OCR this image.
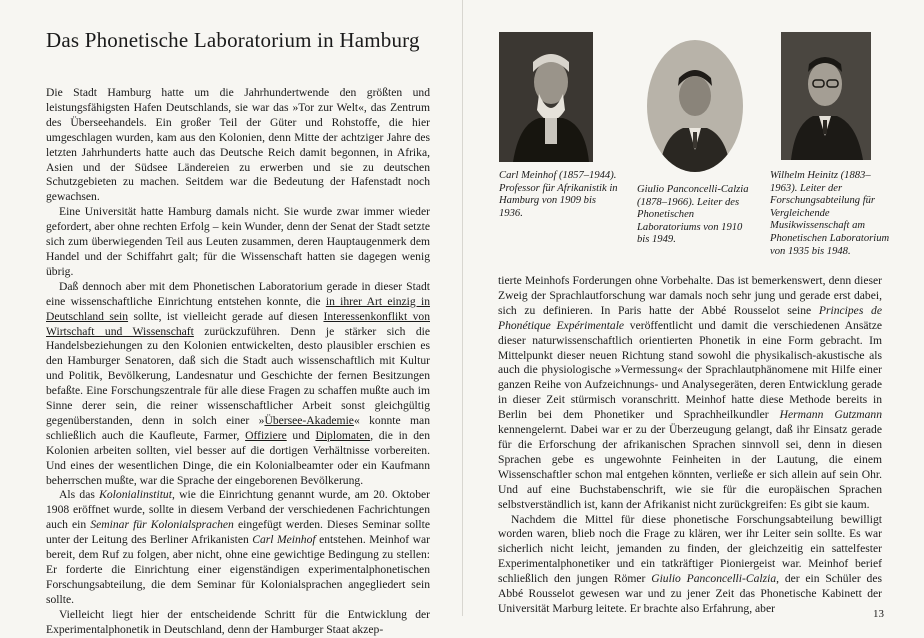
Das Phonetische Laboratorium in Hamburg

Die Stadt Hamburg hatte um die Jahrhundertwende den größten und leistungsfähigsten Hafen Deutschlands, sie war das »Tor zur Welt«, das Zentrum des Überseehandels. Ein großer Teil der Güter und Rohstoffe, die hier umgeschlagen wurden, kam aus den Kolonien, denn Mitte der achtziger Jahre des letzten Jahrhunderts hatte auch das Deutsche Reich damit begonnen, in Afrika, Asien und der Südsee Ländereien zu erwerben und sie zu deutschen Schutzgebieten zu machen. Seitdem war die Bedeutung der Hafenstadt noch gewachsen.

Eine Universität hatte Hamburg damals nicht. Sie wurde zwar immer wieder gefordert, aber ohne rechten Erfolg – kein Wunder, denn der Senat der Stadt setzte sich zum überwiegenden Teil aus Leuten zusammen, deren Hauptaugenmerk dem Handel und der Schiffahrt galt; für die Wissenschaft hatten sie dagegen wenig übrig.

Daß dennoch aber mit dem Phonetischen Laboratorium gerade in dieser Stadt eine wissenschaftliche Einrichtung entstehen konnte, die in ihrer Art einzig in Deutschland sein sollte, ist vielleicht gerade auf diesen Interessenkonflikt von Wirtschaft und Wissenschaft zurückzuführen. Denn je stärker sich die Handelsbeziehungen zu den Kolonien entwickelten, desto plausibler erschien es den Hamburger Senatoren, daß sich die Stadt auch wissenschaftlich mit Kultur und Politik, Bevölkerung, Landesnatur und Geschichte der fernen Besitzungen befaßte. Eine Forschungszentrale für alle diese Fragen zu schaffen mußte auch im Sinne derer sein, die reiner wissenschaftlicher Arbeit sonst gleichgültig gegenüberstanden, denn in solch einer »Übersee-Akademie« konnte man schließlich auch die Kaufleute, Farmer, Offiziere und Diplomaten, die in den Kolonien arbeiten sollten, viel besser auf die dortigen Verhältnisse vorbereiten. Und eines der wesentlichen Dinge, die ein Kolonialbeamter oder ein Kaufmann beherrschen mußte, war die Sprache der eingeborenen Bevölkerung.

Als das Kolonialinstitut, wie die Einrichtung genannt wurde, am 20. Oktober 1908 eröffnet wurde, sollte in diesem Verband der verschiedenen Fachrichtungen auch ein Seminar für Kolonialsprachen eingefügt werden. Dieses Seminar sollte unter der Leitung des Berliner Afrikanisten Carl Meinhof entstehen. Meinhof war bereit, dem Ruf zu folgen, aber nicht, ohne eine gewichtige Bedingung zu stellen: Er forderte die Einrichtung einer eigenständigen experimentalphonetischen Forschungsabteilung, die dem Seminar für Kolonialsprachen angegliedert sein sollte.

Vielleicht liegt hier der entscheidende Schritt für die Entwicklung der Experimentalphonetik in Deutschland, denn der Hamburger Staat akzep-

Carl Meinhof (1857–1944). Professor für Afrikanistik in Hamburg von 1909 bis 1936.
Giulio Panconcelli-Calzia (1878–1966). Leiter des Phonetischen Laboratoriums von 1910 bis 1949.
Wilhelm Heinitz (1883–1963). Leiter der Forschungsabteilung für Vergleichende Musikwissenschaft am Phonetischen Laboratorium von 1935 bis 1948.

tierte Meinhofs Forderungen ohne Vorbehalte. Das ist bemerkenswert, denn dieser Zweig der Sprachlautforschung war damals noch sehr jung und gerade erst dabei, sich zu definieren. In Paris hatte der Abbé Rousselot seine Principes de Phonétique Expérimentale veröffentlicht und damit die verschiedenen Ansätze dieser naturwissenschaftlich orientierten Phonetik in eine Form gebracht. Im Mittelpunkt dieser neuen Richtung stand sowohl die physikalisch-akustische als auch die physiologische »Vermessung« der Sprachlautphänomene mit Hilfe einer ganzen Reihe von Aufzeichnungs- und Analysegeräten, deren Entwicklung gerade in dieser Zeit stürmisch voranschritt. Meinhof hatte diese Methode bereits in Berlin bei dem Phonetiker und Sprachheilkundler Hermann Gutzmann kennengelernt. Dabei war er zu der Überzeugung gelangt, daß ihr Einsatz gerade für die Erforschung der afrikanischen Sprachen sinnvoll sei, denn in diesen Sprachen gebe es ungewohnte Feinheiten in der Lautung, die einem Wissenschaftler schon mal entgehen könnten, verließe er sich allein auf sein Ohr. Und auf eine Buchstabenschrift, wie sie für die europäischen Sprachen selbstverständlich ist, kann der Afrikanist nicht zurückgreifen: Es gibt sie kaum.

Nachdem die Mittel für diese phonetische Forschungsabteilung bewilligt worden waren, blieb noch die Frage zu klären, wer ihr Leiter sein sollte. Es war sicherlich nicht leicht, jemanden zu finden, der gleichzeitig ein sattelfester Experimentalphonetiker und ein tatkräftiger Pioniergeist war. Meinhof berief schließlich den jungen Römer Giulio Panconcelli-Calzia, der ein Schüler des Abbé Rousselot gewesen war und zu jener Zeit das Phonetische Kabinett der Universität Marburg leitete. Er brachte also Erfahrung, aber	13
